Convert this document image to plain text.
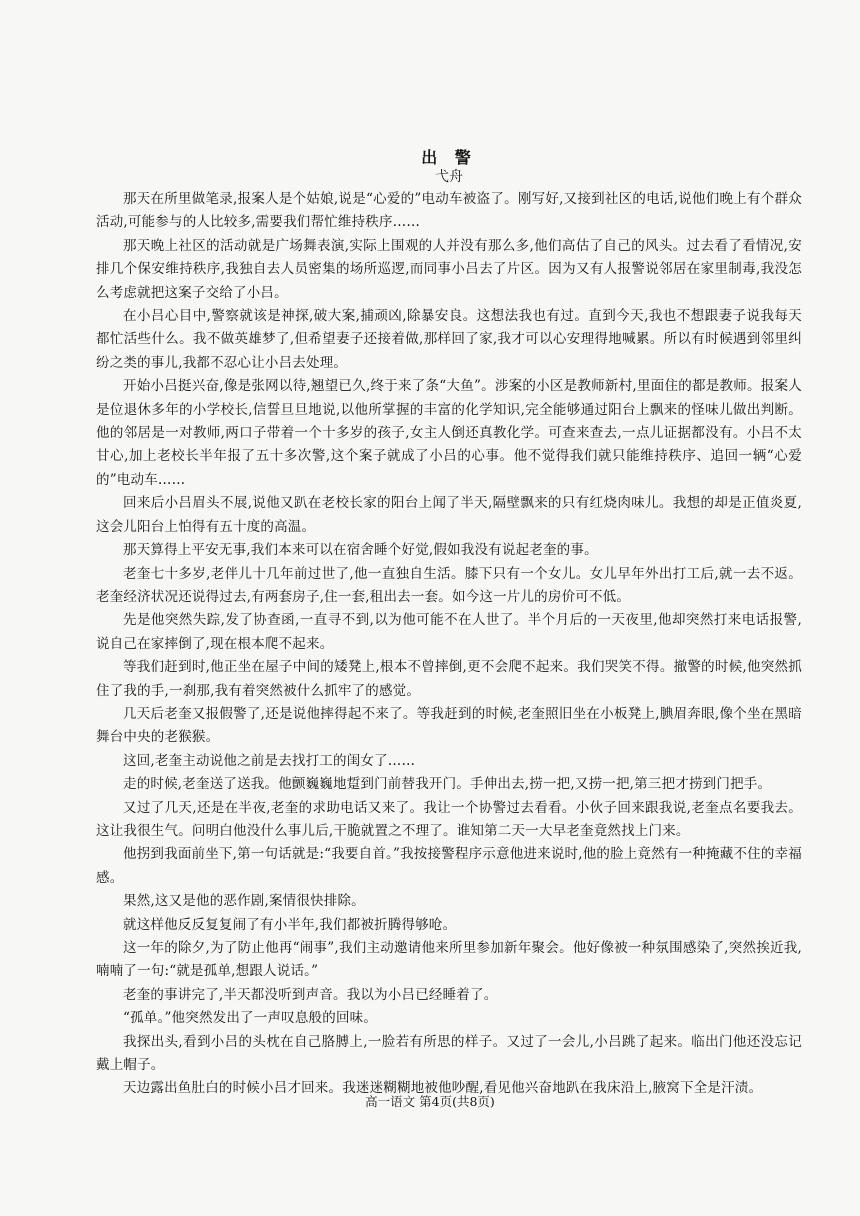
出 警
弋舟

那天在所里做笔录,报案人是个姑娘,说是“心爱的”电动车被盗了。刚写好,又接到社区的电话,说他们晚上有个群众活动,可能参与的人比较多,需要我们帮忙维持秩序……

那天晚上社区的活动就是广场舞表演,实际上围观的人并没有那么多,他们高估了自己的风头。过去看了看情况,安排几个保安维持秩序,我独自去人员密集的场所巡逻,而同事小吕去了片区。因为又有人报警说邻居在家里制毒,我没怎么考虑就把这案子交给了小吕。

在小吕心目中,警察就该是神探,破大案,捕顽凶,除暴安良。这想法我也有过。直到今天,我也不想跟妻子说我每天都忙活些什么。我不做英雄梦了,但希望妻子还接着做,那样回了家,我才可以心安理得地喊累。所以有时候遇到邻里纠纷之类的事儿,我都不忍心让小吕去处理。

开始小吕挺兴奋,像是张网以待,翘望已久,终于来了条“大鱼”。涉案的小区是教师新村,里面住的都是教师。报案人是位退休多年的小学校长,信誓旦旦地说,以他所掌握的丰富的化学知识,完全能够通过阳台上飘来的怪味儿做出判断。他的邻居是一对教师,两口子带着一个十多岁的孩子,女主人倒还真教化学。可查来查去,一点儿证据都没有。小吕不太甘心,加上老校长半年报了五十多次警,这个案子就成了小吕的心事。他不觉得我们就只能维持秩序、追回一辆“心爱的”电动车……

回来后小吕眉头不展,说他又趴在老校长家的阳台上闻了半天,隔壁飘来的只有红烧肉味儿。我想的却是正值炎夏,这会儿阳台上怕得有五十度的高温。

那天算得上平安无事,我们本来可以在宿舍睡个好觉,假如我没有说起老奎的事。

老奎七十多岁,老伴儿十几年前过世了,他一直独自生活。膝下只有一个女儿。女儿早年外出打工后,就一去不返。老奎经济状况还说得过去,有两套房子,住一套,租出去一套。如今这一片儿的房价可不低。

先是他突然失踪,发了协查函,一直寻不到,以为他可能不在人世了。半个月后的一天夜里,他却突然打来电话报警,说自己在家摔倒了,现在根本爬不起来。

等我们赶到时,他正坐在屋子中间的矮凳上,根本不曾摔倒,更不会爬不起来。我们哭笑不得。撤警的时候,他突然抓住了我的手,一刹那,我有着突然被什么抓牢了的感觉。

几天后老奎又报假警了,还是说他摔得起不来了。等我赶到的时候,老奎照旧坐在小板凳上,腆眉奔眼,像个坐在黑暗舞台中央的老猴猴。

这回,老奎主动说他之前是去找打工的闺女了……

走的时候,老奎送了送我。他颤巍巍地踅到门前替我开门。手伸出去,捞一把,又捞一把,第三把才捞到门把手。

又过了几天,还是在半夜,老奎的求助电话又来了。我让一个协警过去看看。小伙子回来跟我说,老奎点名要我去。这让我很生气。问明白他没什么事儿后,干脆就置之不理了。谁知第二天一大早老奎竟然找上门来。

他拐到我面前坐下,第一句话就是:“我要自首。”我按接警程序示意他进来说时,他的脸上竟然有一种掩藏不住的幸福感。

果然,这又是他的恶作剧,案情很快排除。

就这样他反反复复闹了有小半年,我们都被折腾得够呛。

这一年的除夕,为了防止他再“闹事”,我们主动邀请他来所里参加新年聚会。他好像被一种氛围感染了,突然挨近我,喃喃了一句:“就是孤单,想跟人说话。”

老奎的事讲完了,半天都没听到声音。我以为小吕已经睡着了。

“孤单。”他突然发出了一声叹息般的回味。

我探出头,看到小吕的头枕在自己胳膊上,一脸若有所思的样子。又过了一会儿,小吕跳了起来。临出门他还没忘记戴上帽子。

天边露出鱼肚白的时候小吕才回来。我迷迷糊糊地被他吵醒,看见他兴奋地趴在我床沿上,腋窝下全是汗渍。

高一语文 第4页(共8页)
